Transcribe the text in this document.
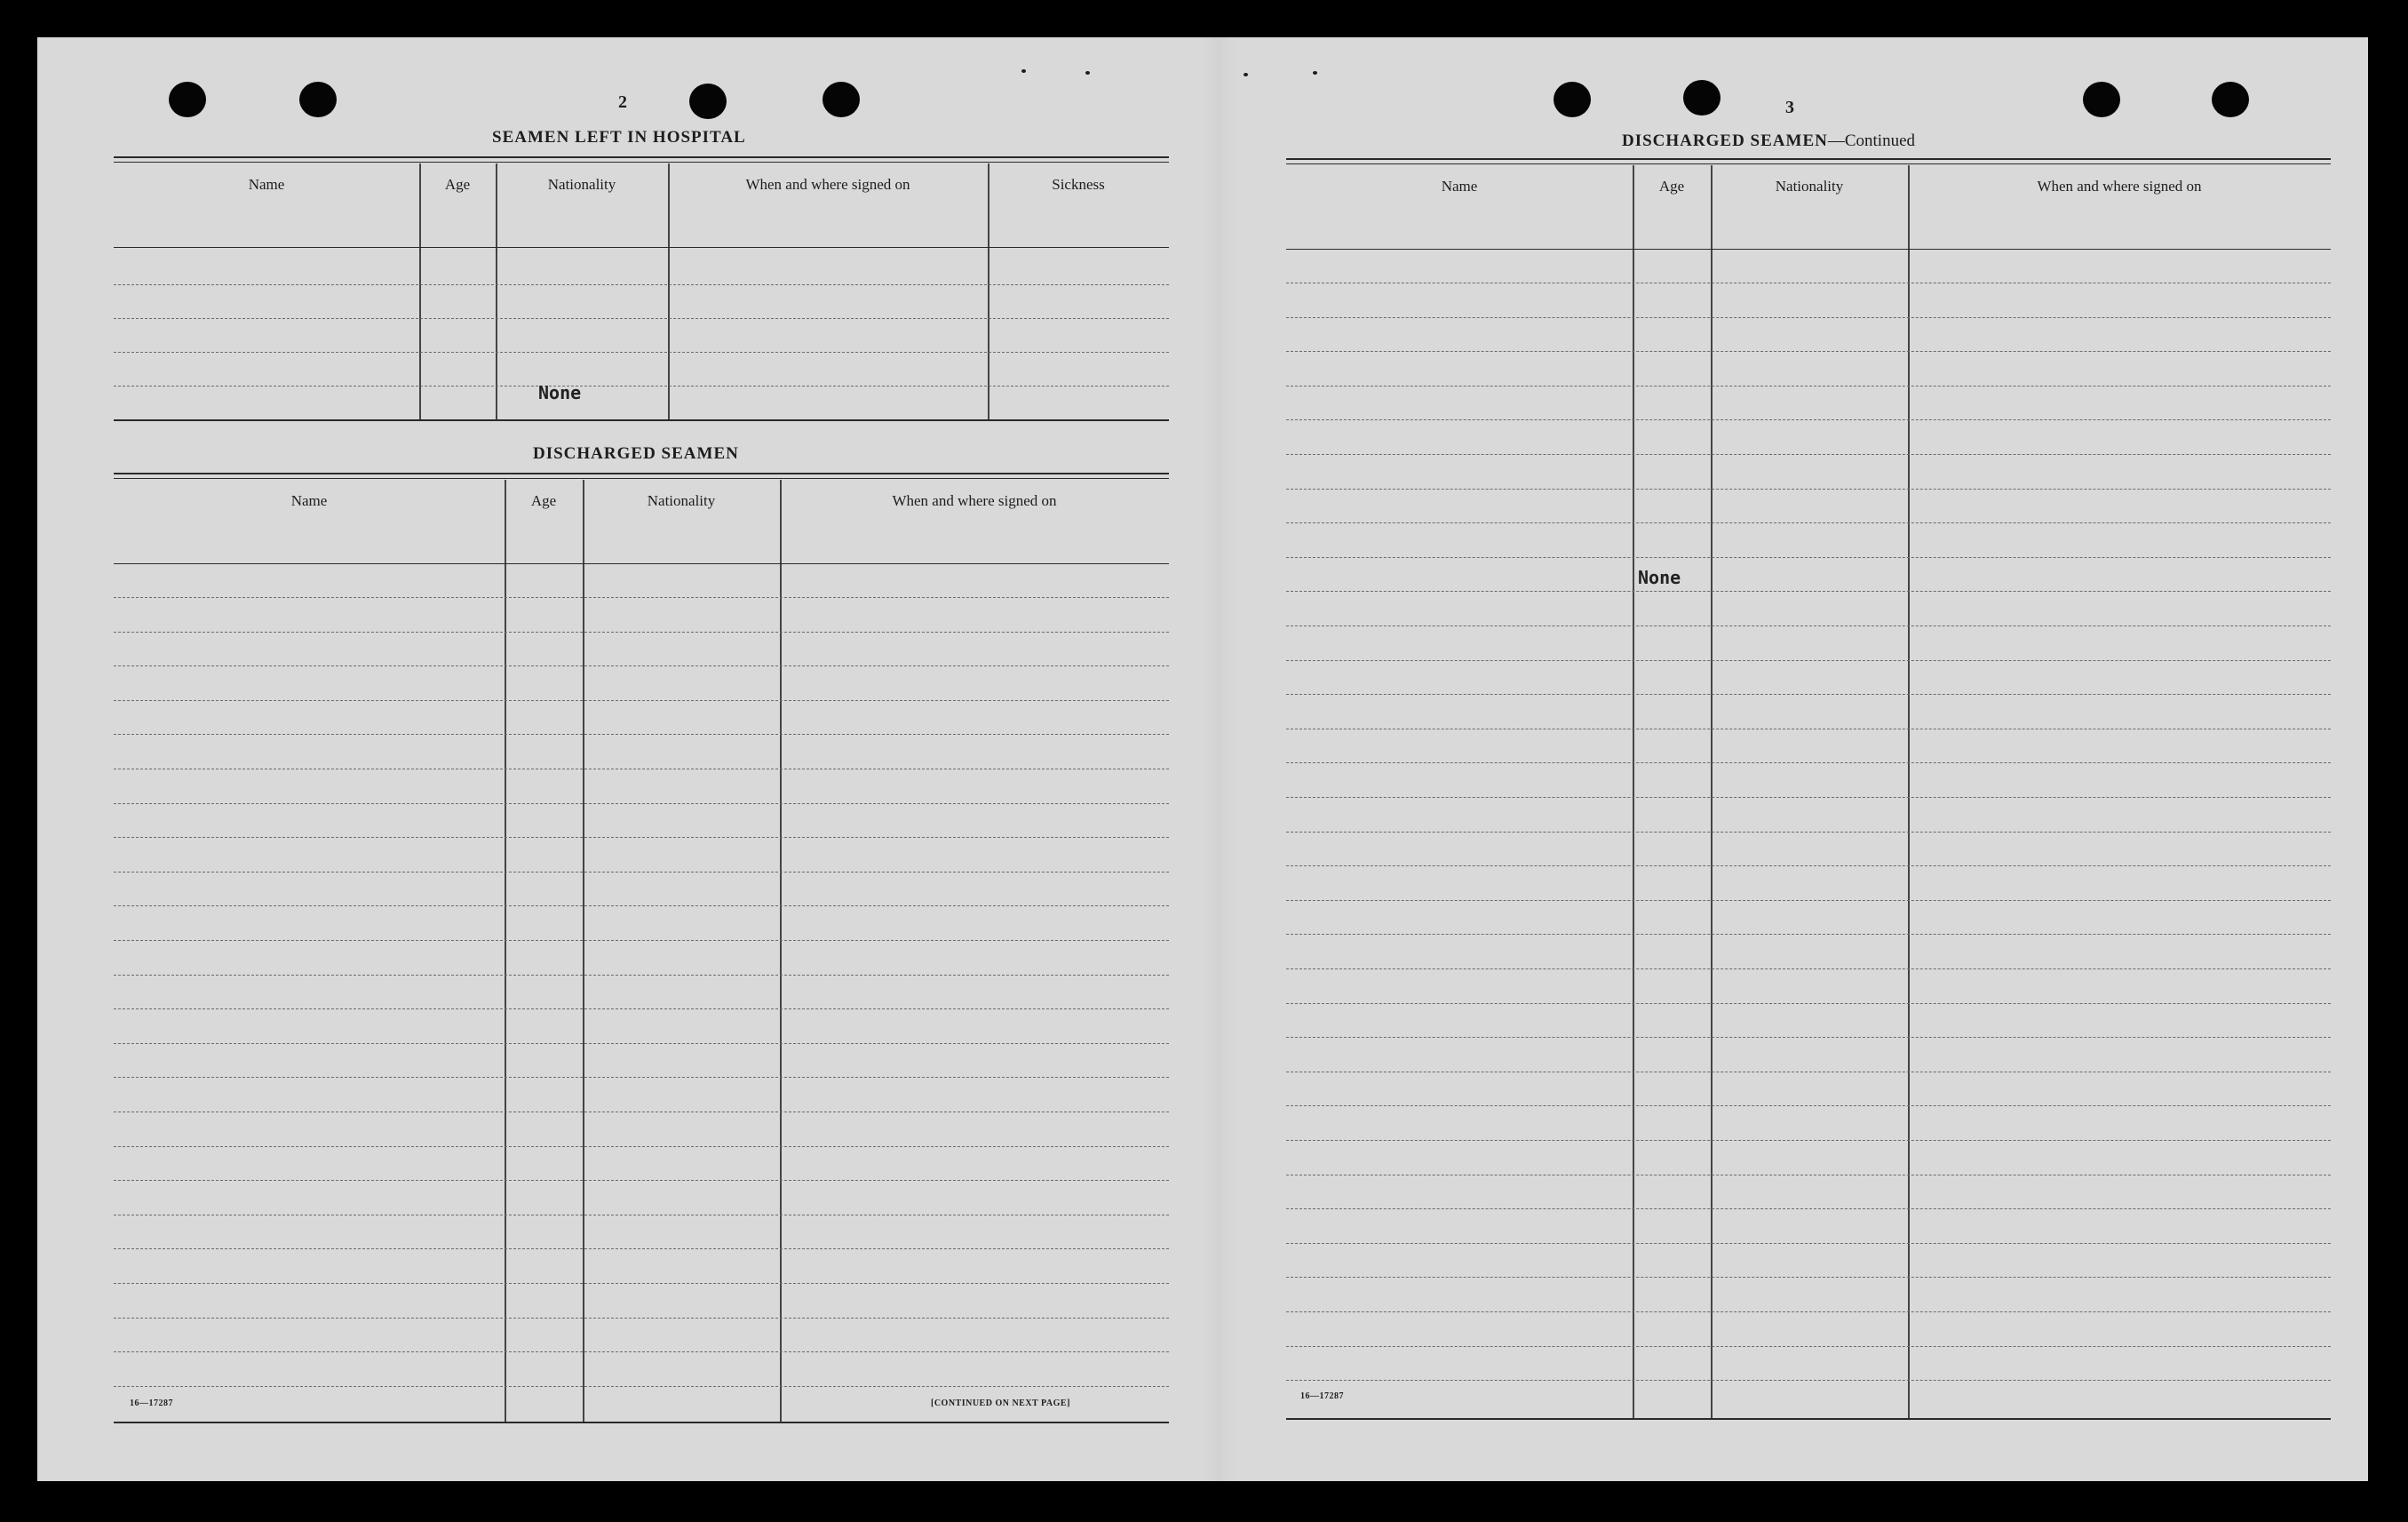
2
SEAMEN LEFT IN HOSPITAL
Name	Age	Nationality	When and where signed on	Sickness
None
DISCHARGED SEAMEN
Name	Age	Nationality	When and where signed on
16—17287	[CONTINUED ON NEXT PAGE]
3
DISCHARGED SEAMEN—Continued
Name	Age	Nationality	When and where signed on
None
16—17287
